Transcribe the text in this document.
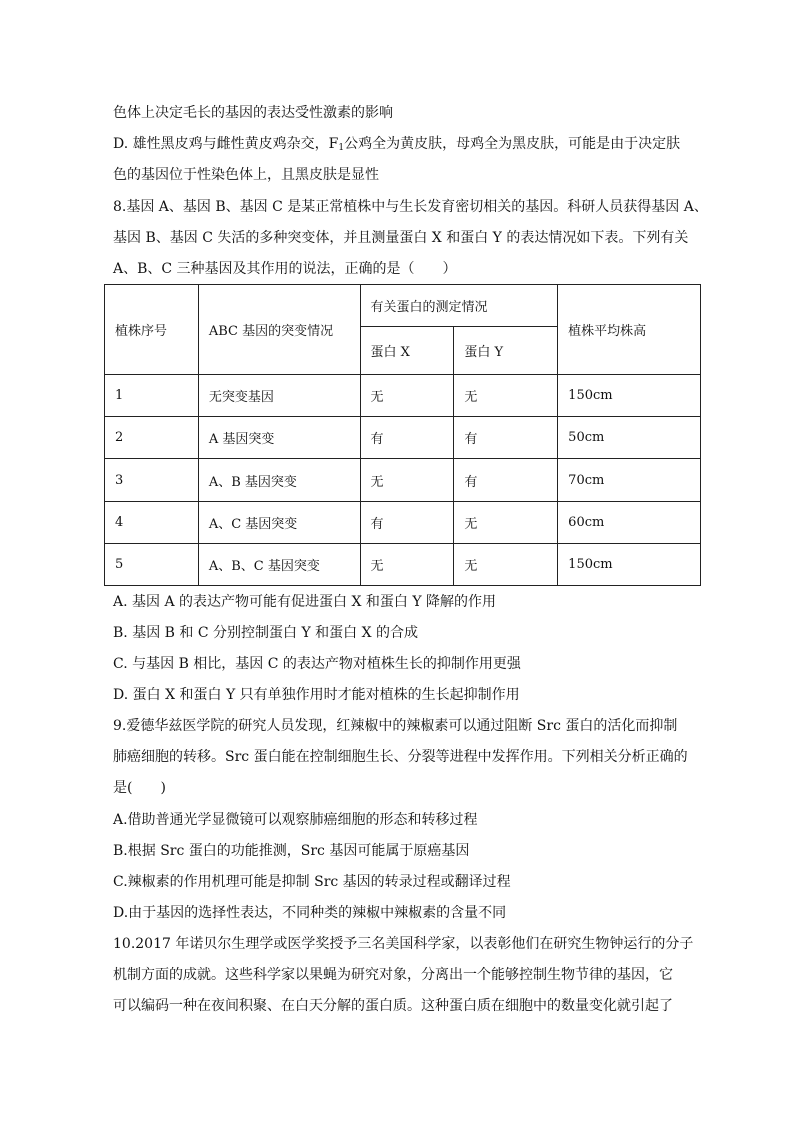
色体上决定毛长的基因的表达受性激素的影响
D. 雄性黑皮鸡与雌性黄皮鸡杂交，$F_1$公鸡全为黄皮肤，母鸡全为黑皮肤，可能是由于决定肤
色的基因位于性染色体上，且黑皮肤是显性
8.基因 A、基因 B、基因 C 是某正常植株中与生长发育密切相关的基因。科研人员获得基因 A、
基因 B、基因 C 失活的多种突变体，并且测量蛋白 X 和蛋白 Y 的表达情况如下表。下列有关
A、B、C 三种基因及其作用的说法，正确的是（　　）
植株序号	ABC 基因的突变情况	有关蛋白的测定情况		植株平均株高
		蛋白 X	蛋白 Y	
1	无突变基因	无	无	150cm
2	A 基因突变	有	有	50cm
3	A、B 基因突变	无	有	70cm
4	A、C 基因突变	有	无	60cm
5	A、B、C 基因突变	无	无	150cm
A. 基因 A 的表达产物可能有促进蛋白 X 和蛋白 Y 降解的作用
B. 基因 B 和 C 分别控制蛋白 Y 和蛋白 X 的合成
C. 与基因 B 相比，基因 C 的表达产物对植株生长的抑制作用更强
D. 蛋白 X 和蛋白 Y 只有单独作用时才能对植株的生长起抑制作用
9.爱德华兹医学院的研究人员发现，红辣椒中的辣椒素可以通过阻断 Src 蛋白的活化而抑制
肺癌细胞的转移。Src 蛋白能在控制细胞生长、分裂等进程中发挥作用。下列相关分析正确的
是(　　)
A.借助普通光学显微镜可以观察肺癌细胞的形态和转移过程
B.根据 Src 蛋白的功能推测，Src 基因可能属于原癌基因
C.辣椒素的作用机理可能是抑制 Src 基因的转录过程或翻译过程
D.由于基因的选择性表达，不同种类的辣椒中辣椒素的含量不同
10.2017 年诺贝尔生理学或医学奖授予三名美国科学家，以表彰他们在研究生物钟运行的分子
机制方面的成就。这些科学家以果蝇为研究对象，分离出一个能够控制生物节律的基因，它
可以编码一种在夜间积聚、在白天分解的蛋白质。这种蛋白质在细胞中的数量变化就引起了
